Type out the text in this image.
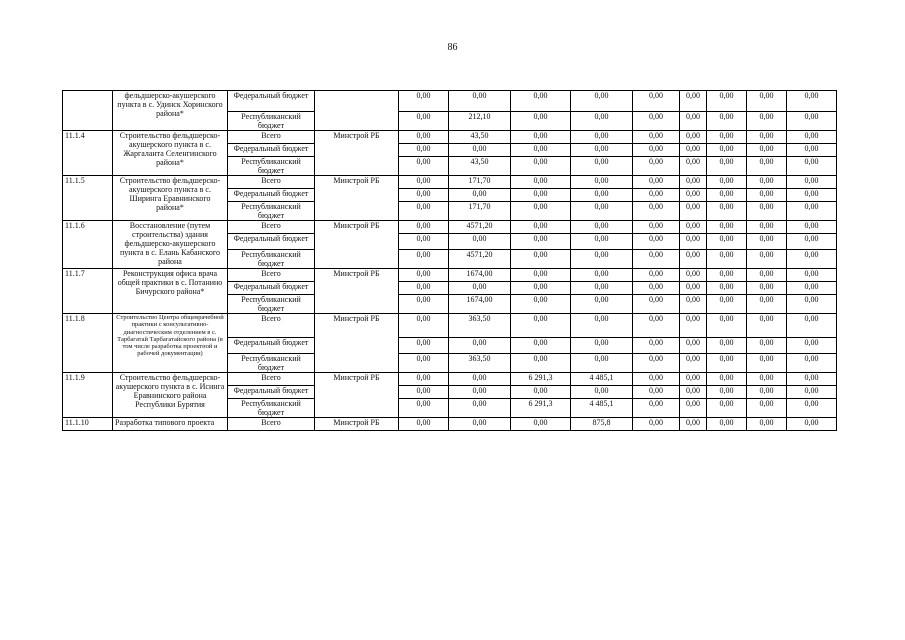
86
	фельдшерско-акушерского пункта в с. Удинск Хоринского района*	Федеральный бюджет		0,00	0,00	0,00	0,00	0,00	0,00	0,00	0,00	0,00
		Республиканский бюджет		0,00	212,10	0,00	0,00	0,00	0,00	0,00	0,00	0,00
11.1.4	Строительство фельдшерско-акушерского пункта в с. Жаргаланта Селенгинского района*	Всего	Минстрой РБ	0,00	43,50	0,00	0,00	0,00	0,00	0,00	0,00	0,00
		Федеральный бюджет		0,00	0,00	0,00	0,00	0,00	0,00	0,00	0,00	0,00
		Республиканский бюджет		0,00	43,50	0,00	0,00	0,00	0,00	0,00	0,00	0,00
11.1.5	Строительство фельдшерско-акушерского пункта в с. Ширинга Еравнинского района*	Всего	Минстрой РБ	0,00	171,70	0,00	0,00	0,00	0,00	0,00	0,00	0,00
		Федеральный бюджет		0,00	0,00	0,00	0,00	0,00	0,00	0,00	0,00	0,00
		Республиканский бюджет		0,00	171,70	0,00	0,00	0,00	0,00	0,00	0,00	0,00
11.1.6	Восстановление (путем строительства) здания фельдшерско-акушерского пункта в с. Елань Кабанского района	Всего	Минстрой РБ	0,00	4571,20	0,00	0,00	0,00	0,00	0,00	0,00	0,00
		Федеральный бюджет		0,00	0,00	0,00	0,00	0,00	0,00	0,00	0,00	0,00
		Республиканский бюджет		0,00	4571,20	0,00	0,00	0,00	0,00	0,00	0,00	0,00
11.1.7	Реконструкция офиса врача общей практики в с. Потанино Бичурского района*	Всего	Минстрой РБ	0,00	1674,00	0,00	0,00	0,00	0,00	0,00	0,00	0,00
		Федеральный бюджет		0,00	0,00	0,00	0,00	0,00	0,00	0,00	0,00	0,00
		Республиканский бюджет		0,00	1674,00	0,00	0,00	0,00	0,00	0,00	0,00	0,00
11.1.8	Строительство Центра общеврачебной практики с консультативно-диагностическим отделением в с. Тарбагатай Тарбагатайского района (в том числе разработка проектной и рабочей документации)	Всего	Минстрой РБ	0,00	363,50	0,00	0,00	0,00	0,00	0,00	0,00	0,00
		Федеральный бюджет		0,00	0,00	0,00	0,00	0,00	0,00	0,00	0,00	0,00
		Республиканский бюджет		0,00	363,50	0,00	0,00	0,00	0,00	0,00	0,00	0,00
11.1.9	Строительство фельдшерско-акушерского пункта в с. Исинга Еравнинского района Республики Бурятия	Всего	Минстрой РБ	0,00	0,00	6 291,3	4 485,1	0,00	0,00	0,00	0,00	0,00
		Федеральный бюджет		0,00	0,00	0,00	0,00	0,00	0,00	0,00	0,00	0,00
		Республиканский бюджет		0,00	0,00	6 291,3	4 485,1	0,00	0,00	0,00	0,00	0,00
11.1.10	Разработка типового проекта	Всего	Минстрой РБ	0,00	0,00	0,00	875,8	0,00	0,00	0,00	0,00	0,00
